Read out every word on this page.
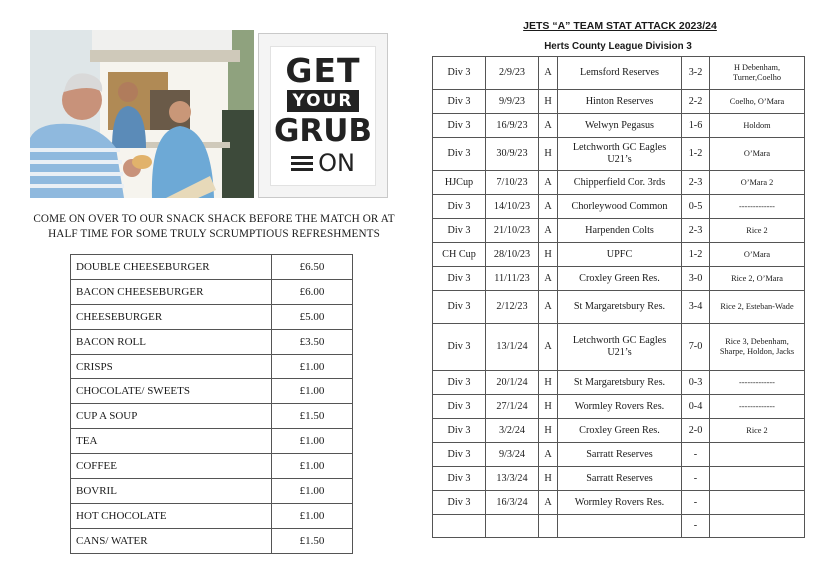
GET
YOUR
GRUB
ON
COME ON OVER TO OUR SNACK SHACK BEFORE THE MATCH OR AT HALF TIME FOR SOME TRULY SCRUMPTIOUS REFRESHMENTS
DOUBLE CHEESEBURGER	£6.50
BACON CHEESEBURGER	£6.00
CHEESEBURGER	£5.00
BACON ROLL	£3.50
CRISPS	£1.00
CHOCOLATE/ SWEETS	£1.00
CUP A SOUP	£1.50
TEA	£1.00
COFFEE	£1.00
BOVRIL	£1.00
HOT CHOCOLATE	£1.00
CANS/ WATER	£1.50
JETS “A” TEAM STAT ATTACK 2023/24
Herts County League Division 3
Div 3	2/9/23	A	Lemsford Reserves	3-2	H Debenham, Turner,Coelho
Div 3	9/9/23	H	Hinton Reserves	2-2	Coelho, O’Mara
Div 3	16/9/23	A	Welwyn Pegasus	1-6	Holdom
Div 3	30/9/23	H	Letchworth GC Eagles U21’s	1-2	O’Mara
HJCup	7/10/23	A	Chipperfield Cor. 3rds	2-3	O’Mara 2
Div 3	14/10/23	A	Chorleywood Common	0-5	-------------
Div 3	21/10/23	A	Harpenden Colts	2-3	Rice 2
CH Cup	28/10/23	H	UPFC	1-2	O’Mara
Div 3	11/11/23	A	Croxley Green Res.	3-0	Rice 2, O’Mara
Div 3	2/12/23	A	St Margaretsbury Res.	3-4	Rice 2, Esteban-Wade
Div 3	13/1/24	A	Letchworth GC Eagles U21’s	7-0	Rice 3, Debenham, Sharpe, Holdon, Jacks
Div 3	20/1/24	H	St Margaretsbury Res.	0-3	-------------
Div 3	27/1/24	H	Wormley Rovers Res.	0-4	-------------
Div 3	3/2/24	H	Croxley Green Res.	2-0	Rice 2
Div 3	9/3/24	A	Sarratt Reserves	-	
Div 3	13/3/24	H	Sarratt Reserves	-	
Div 3	16/3/24	A	Wormley Rovers Res.	-	
				-	
